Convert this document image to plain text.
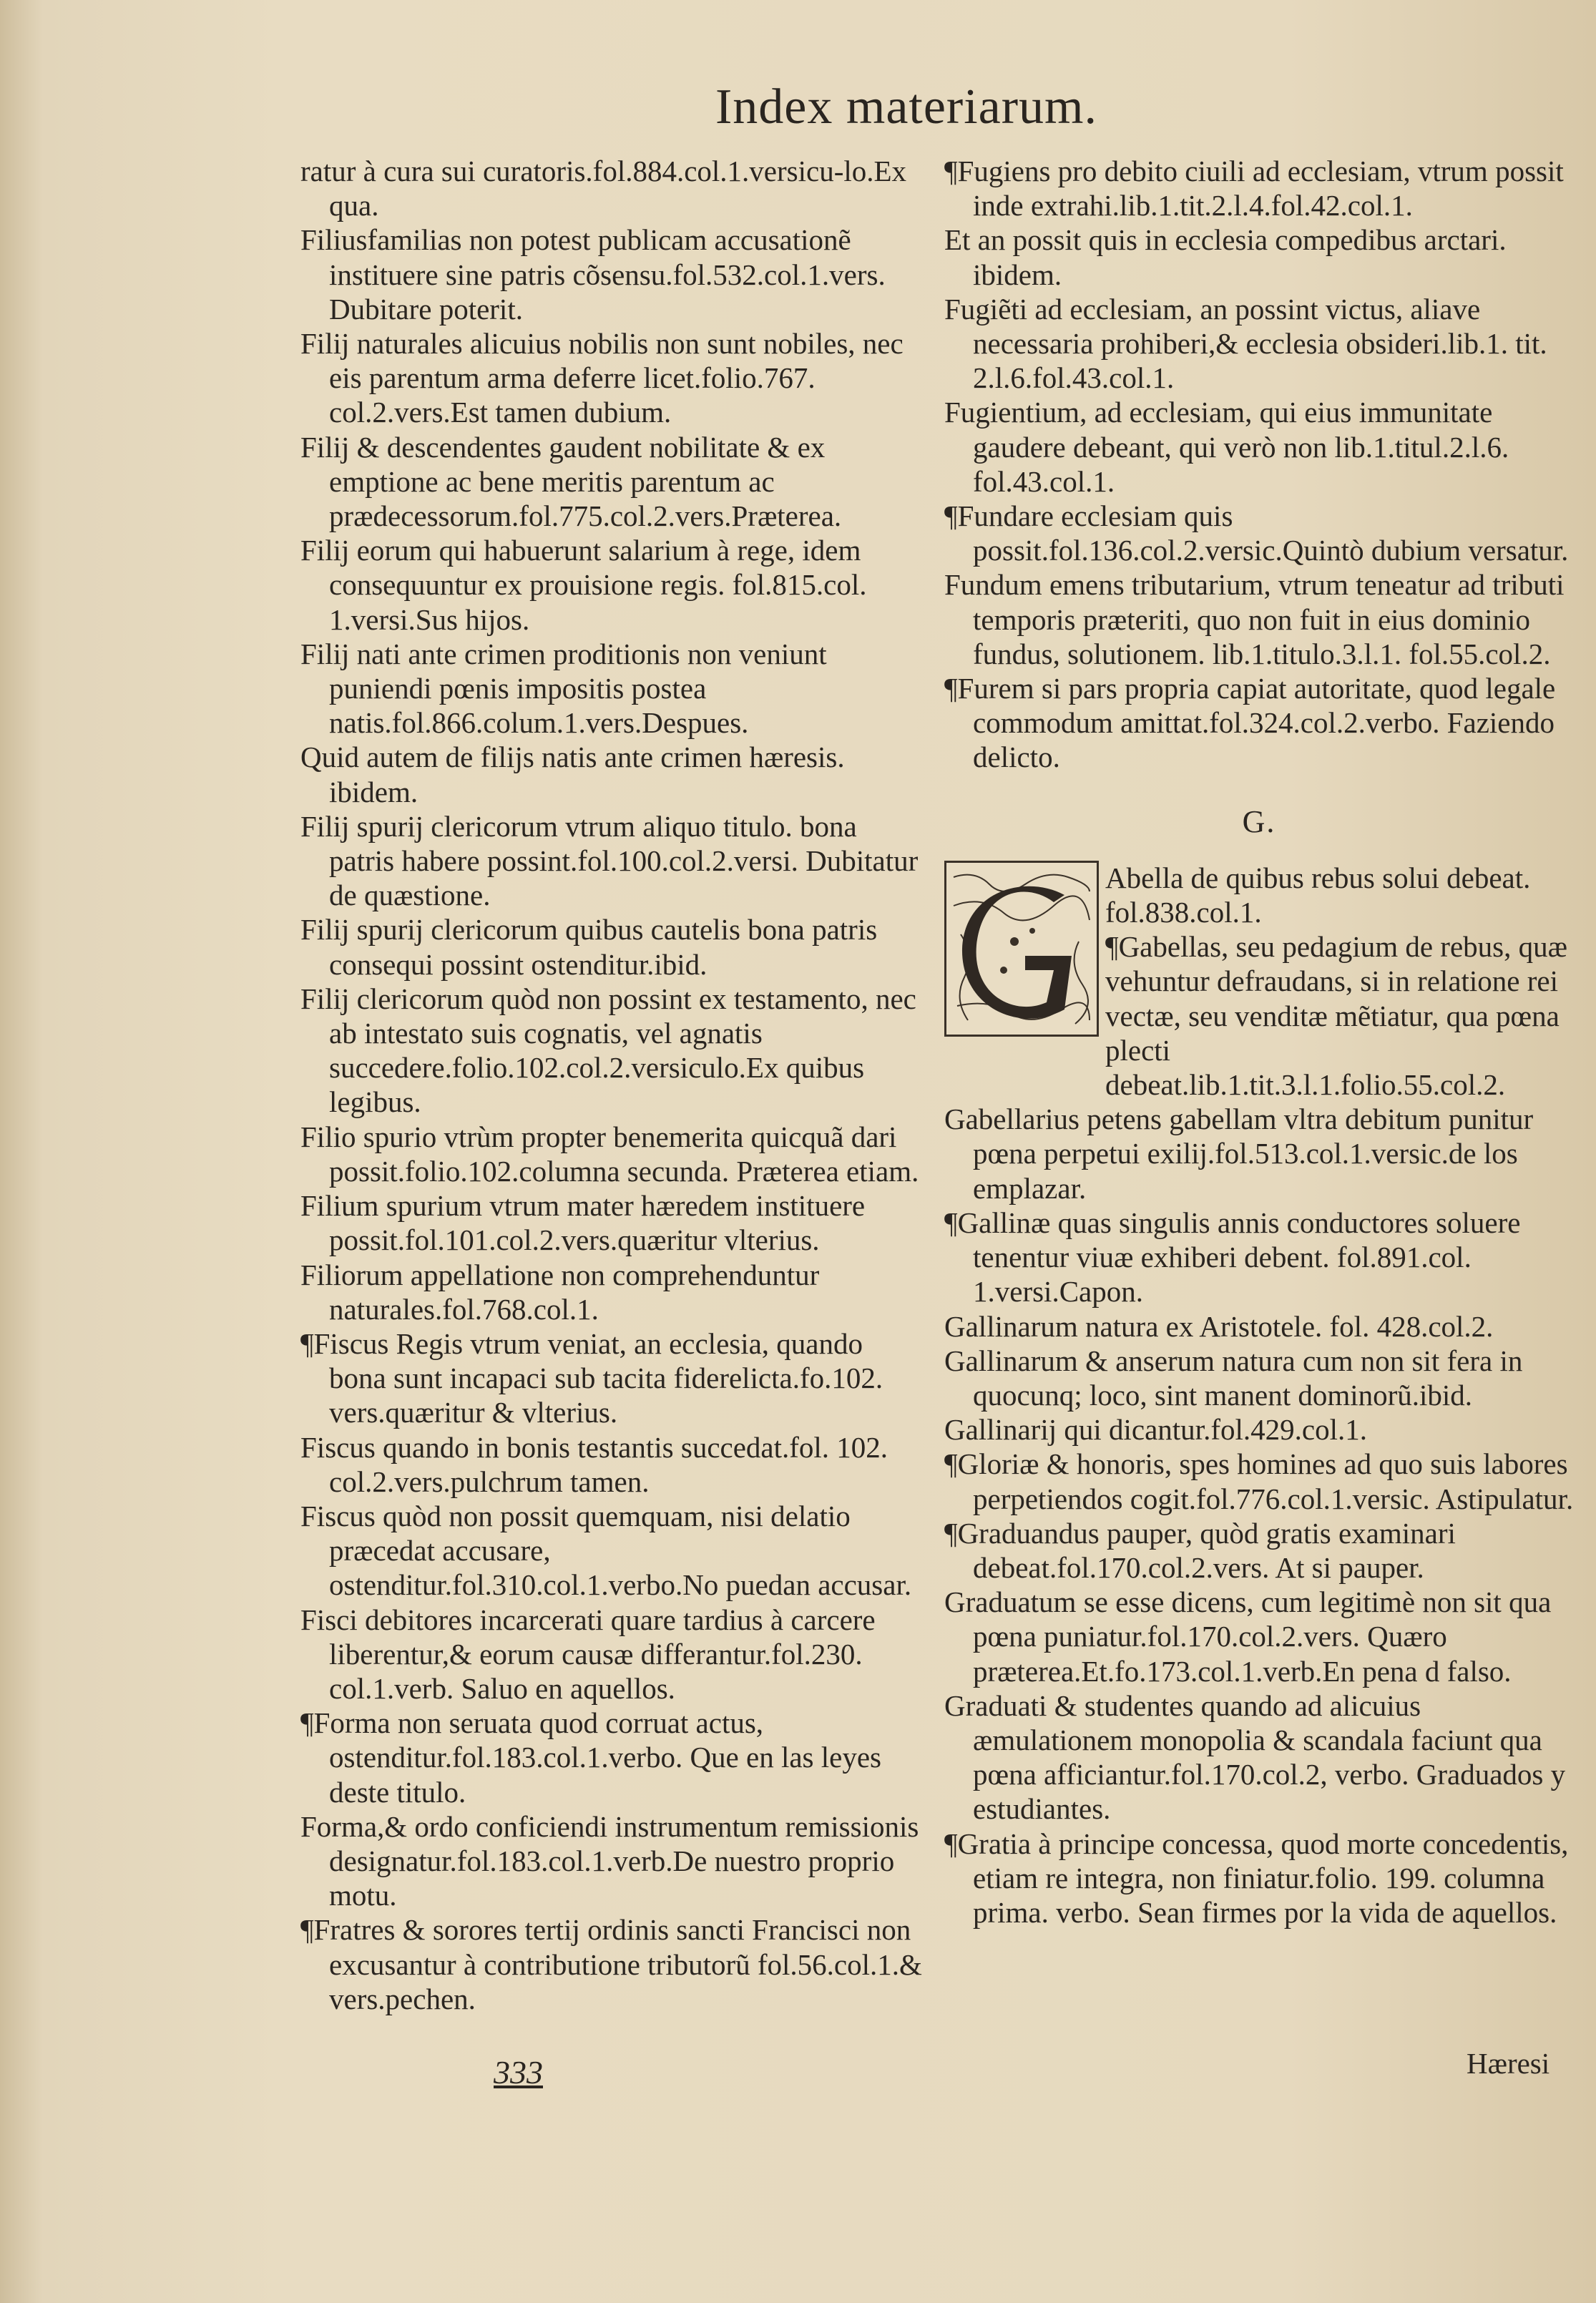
Index materiarum.

ratur à cura sui curatoris.fol.884.col.1.versicu-lo.Ex qua.

Filiusfamilias non potest publicam accusationẽ instituere sine patris cõsensu.fol.532.col.1.vers. Dubitare poterit.

Filij naturales alicuius nobilis non sunt nobiles, nec eis parentum arma deferre licet.folio.767. col.2.vers.Est tamen dubium.

Filij & descendentes gaudent nobilitate & ex emptione ac bene meritis parentum ac prædecessorum.fol.775.col.2.vers.Præterea.

Filij eorum qui habuerunt salarium à rege, idem consequuntur ex prouisione regis. fol.815.col. 1.versi.Sus hijos.

Filij nati ante crimen proditionis non veniunt puniendi pœnis impositis postea natis.fol.866.colum.1.vers.Despues.

Quid autem de filijs natis ante crimen hæresis. ibidem.

Filij spurij clericorum vtrum aliquo titulo. bona patris habere possint.fol.100.col.2.versi. Dubitatur de quæstione.

Filij spurij clericorum quibus cautelis bona patris consequi possint ostenditur.ibid.

Filij clericorum quòd non possint ex testamento, nec ab intestato suis cognatis, vel agnatis succedere.folio.102.col.2.versiculo.Ex quibus legibus.

Filio spurio vtrùm propter benemerita quicquã dari possit.folio.102.columna secunda. Præterea etiam.

Filium spurium vtrum mater hæredem instituere possit.fol.101.col.2.vers.quæritur vlterius.

Filiorum appellatione non comprehenduntur naturales.fol.768.col.1.

¶Fiscus Regis vtrum veniat, an ecclesia, quando bona sunt incapaci sub tacita fiderelicta.fo.102. vers.quæritur & vlterius.

Fiscus quando in bonis testantis succedat.fol. 102. col.2.vers.pulchrum tamen.

Fiscus quòd non possit quemquam, nisi delatio præcedat accusare, ostenditur.fol.310.col.1.verbo.No puedan accusar.

Fisci debitores incarcerati quare tardius à carcere liberentur,& eorum causæ differantur.fol.230. col.1.verb. Saluo en aquellos.

¶Forma non seruata quod corruat actus, ostenditur.fol.183.col.1.verbo. Que en las leyes deste titulo.

Forma,& ordo conficiendi instrumentum remissionis designatur.fol.183.col.1.verb.De nuestro proprio motu.

¶Fratres & sorores tertij ordinis sancti Francisci non excusantur à contributione tributorũ fol.56.col.1.& vers.pechen.

333

¶Fugiens pro debito ciuili ad ecclesiam, vtrum possit inde extrahi.lib.1.tit.2.l.4.fol.42.col.1.

Et an possit quis in ecclesia compedibus arctari. ibidem.

Fugiẽti ad ecclesiam, an possint victus, aliave necessaria prohiberi,& ecclesia obsideri.lib.1. tit. 2.l.6.fol.43.col.1.

Fugientium, ad ecclesiam, qui eius immunitate gaudere debeant, qui verò non lib.1.titul.2.l.6. fol.43.col.1.

¶Fundare ecclesiam quis possit.fol.136.col.2.versic.Quintò dubium versatur.

Fundum emens tributarium, vtrum teneatur ad tributi temporis præteriti, quo non fuit in eius dominio fundus, solutionem. lib.1.titulo.3.l.1. fol.55.col.2.

¶Furem si pars propria capiat autoritate, quod legale commodum amittat.fol.324.col.2.verbo. Faziendo delicto.

G.

Abella de quibus rebus solui debeat. fol.838.col.1.

¶Gabellas, seu pedagium de rebus, quæ vehuntur defraudans, si in relatione rei vectæ, seu venditæ mẽtiatur, qua pœna plecti debeat.lib.1.tit.3.l.1.folio.55.col.2.

Gabellarius petens gabellam vltra debitum punitur pœna perpetui exilij.fol.513.col.1.versic.de los emplazar.

¶Gallinæ quas singulis annis conductores soluere tenentur viuæ exhiberi debent. fol.891.col. 1.versi.Capon.

Gallinarum natura ex Aristotele. fol. 428.col.2.

Gallinarum & anserum natura cum non sit fera in quocunq; loco, sint manent dominorũ.ibid.

Gallinarij qui dicantur.fol.429.col.1.

¶Gloriæ & honoris, spes homines ad quo suis labores perpetiendos cogit.fol.776.col.1.versic. Astipulatur.

¶Graduandus pauper, quòd gratis examinari debeat.fol.170.col.2.vers. At si pauper.

Graduatum se esse dicens, cum legitimè non sit qua pœna puniatur.fol.170.col.2.vers. Quæro præterea.Et.fo.173.col.1.verb.En pena d falso.

Graduati & studentes quando ad alicuius æmulationem monopolia & scandala faciunt qua pœna afficiantur.fol.170.col.2, verbo. Graduados y estudiantes.

¶Gratia à principe concessa, quod morte concedentis, etiam re integra, non finiatur.folio. 199. columna prima. verbo. Sean firmes por la vida de aquellos.

Hæresi
